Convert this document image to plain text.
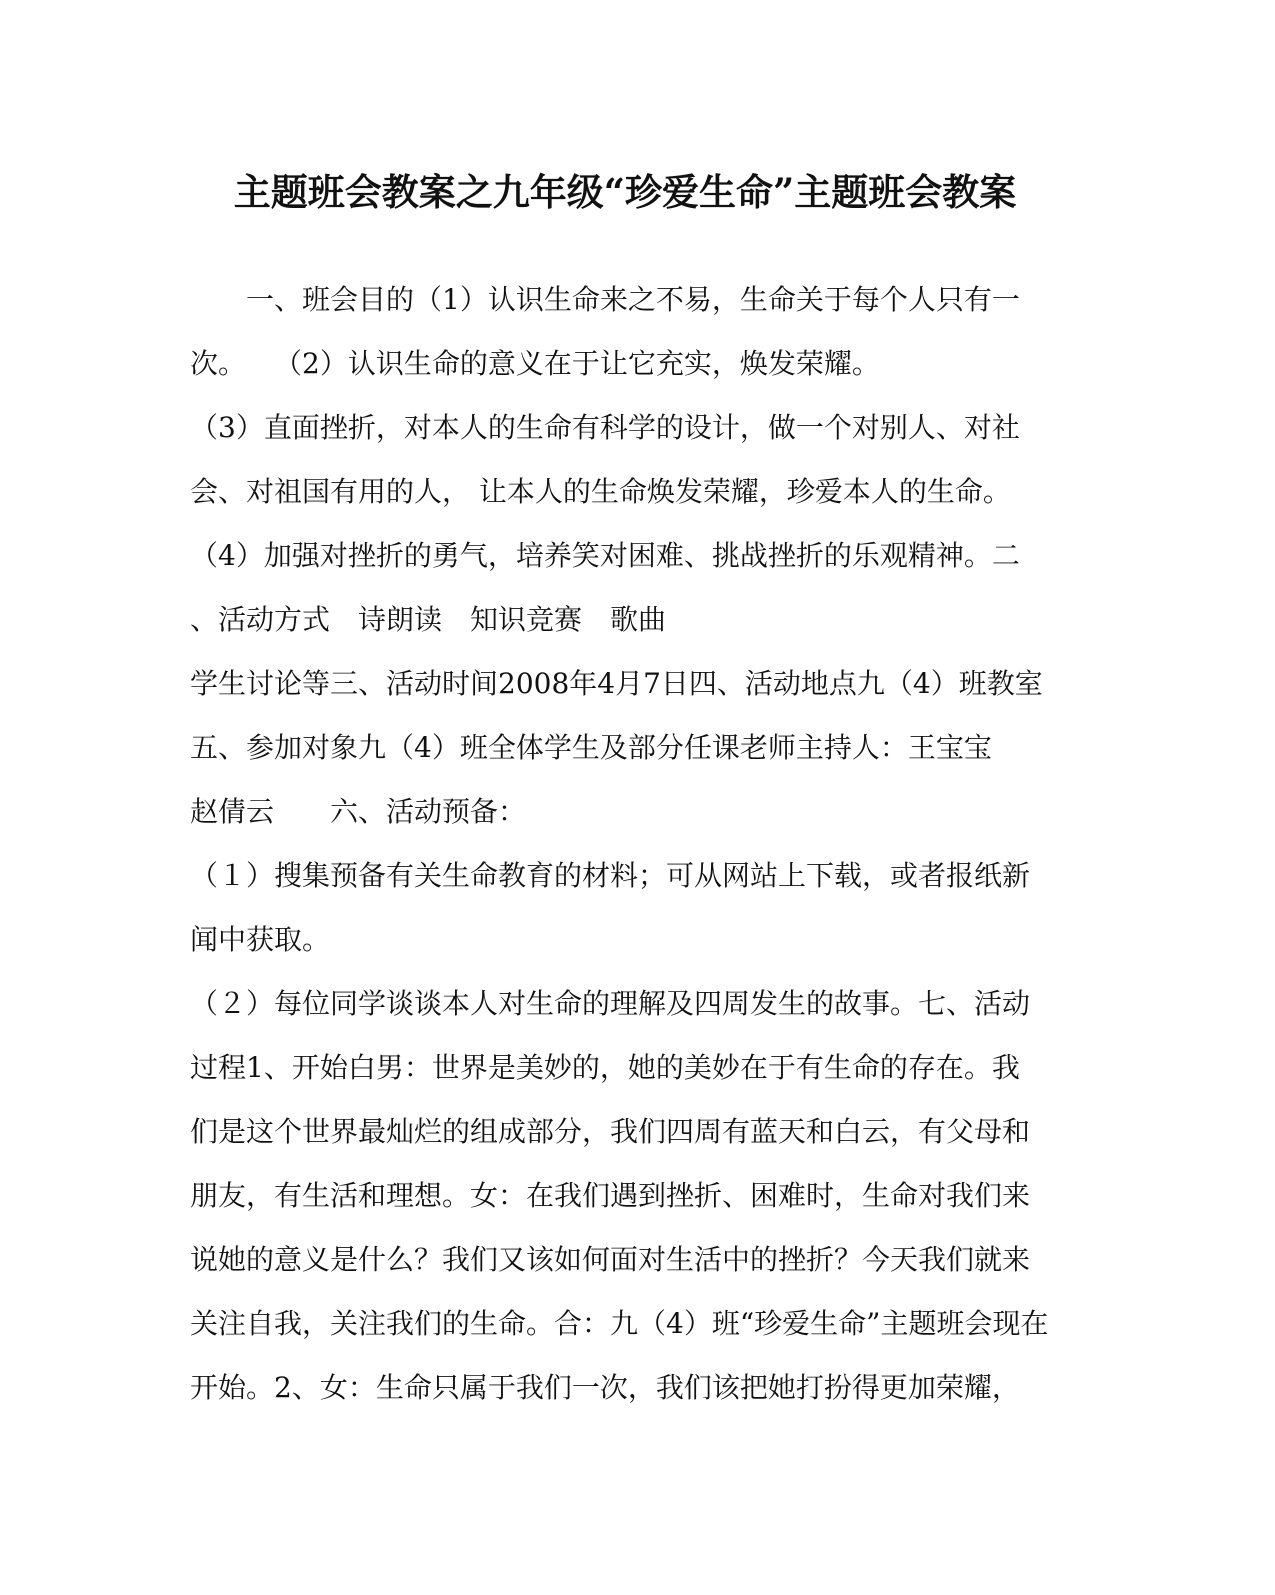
主题班会教案之九年级“珍爱生命”主题班会教案
　　一、班会目的（1）认识生命来之不易，生命关于每个人只有一
次。　　（2）认识生命的意义在于让它充实，焕发荣耀。
（3）直面挫折，对本人的生命有科学的设计，做一个对别人、对社
会、对祖国有用的人， 让本人的生命焕发荣耀，珍爱本人的生命。
（4）加强对挫折的勇气，培养笑对困难、挑战挫折的乐观精神。二
、活动方式　诗朗读　知识竞赛　歌曲
学生讨论等三、活动时间2008年4月7日四、活动地点九（4）班教室
五、参加对象九（4）班全体学生及部分任课老师主持人：王宝宝
赵倩云　　六、活动预备：
（１）搜集预备有关生命教育的材料；可从网站上下载，或者报纸新
闻中获取。
（２）每位同学谈谈本人对生命的理解及四周发生的故事。七、活动
过程1、开始白男：世界是美妙的，她的美妙在于有生命的存在。我
们是这个世界最灿烂的组成部分，我们四周有蓝天和白云，有父母和
朋友，有生活和理想。女：在我们遇到挫折、困难时，生命对我们来
说她的意义是什么？我们又该如何面对生活中的挫折？今天我们就来
关注自我，关注我们的生命。合：九（4）班“珍爱生命”主题班会现在
开始。2、女：生命只属于我们一次，我们该把她打扮得更加荣耀，
